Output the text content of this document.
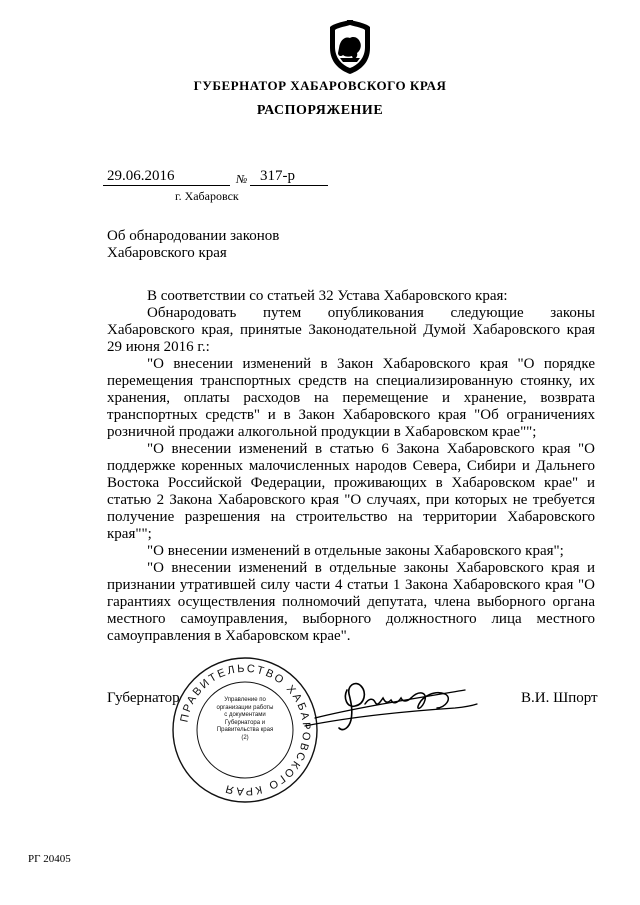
ГУБЕРНАТОР ХАБАРОВСКОГО КРАЯ
РАСПОРЯЖЕНИЕ
29.06.2016	№ 317-р
г. Хабаровск
Об обнародовании законов Хабаровского края

В соответствии со статьей 32 Устава Хабаровского края:

Обнародовать путем опубликования следующие законы Хабаровского края, принятые Законодательной Думой Хабаровского края 29 июня 2016 г.:

"О внесении изменений в Закон Хабаровского края "О порядке перемещения транспортных средств на специализированную стоянку, их хранения, оплаты расходов на перемещение и хранение, возврата транспортных средств" и в Закон Хабаровского края "Об ограничениях розничной продажи алкогольной продукции в Хабаровском крае"";

"О внесении изменений в статью 6 Закона Хабаровского края "О поддержке коренных малочисленных народов Севера, Сибири и Дальнего Востока Российской Федерации, проживающих в Хабаровском крае" и статью 2 Закона Хабаровского края "О случаях, при которых не требуется получение разрешения на строительство на территории Хабаровского края"";

"О внесении изменений в отдельные законы Хабаровского края";

"О внесении изменений в отдельные законы Хабаровского края и признании утратившей силу части 4 статьи 1 Закона Хабаровского края "О гарантиях осуществления полномочий депутата, члена выборного органа местного самоуправления, выборного должностного лица местного самоуправления в Хабаровском крае".

Губернатор	В.И. Шпорт
ПРАВИТЕЛЬСТВО ХАБАРОВСКОГО КРАЯ
Управление по организации работы с документами Губернатора и Правительства края (2)
РГ 20405
